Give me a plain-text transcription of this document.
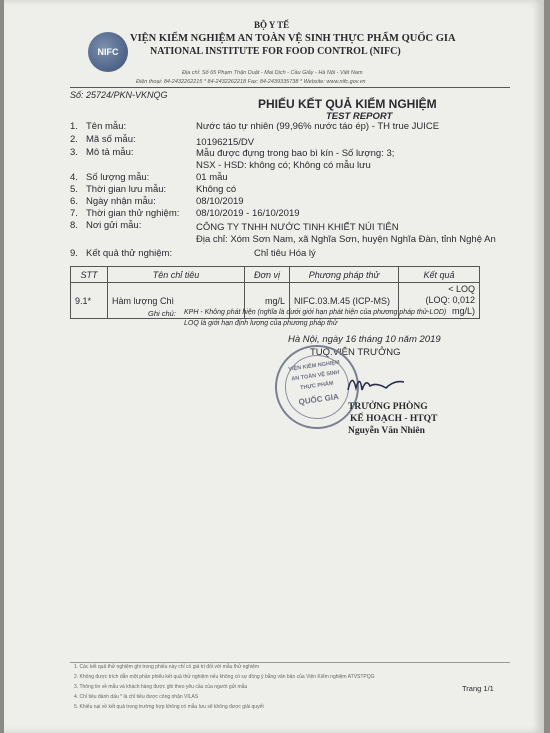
NIFC
BỘ Y TẾ
VIỆN KIỂM NGHIỆM AN TOÀN VỆ SINH THỰC PHẨM QUỐC GIA
NATIONAL INSTITUTE FOR FOOD CONTROL (NIFC)
Địa chỉ: Số 65 Phạm Thận Duật - Mai Dịch - Cầu Giấy - Hà Nội - Việt Nam
Điện thoại: 84-2432262215 * 84-2432262218 Fax: 84-2439335738 * Website: www.nifc.gov.vn
Số: 25724/PKN-VKNQG
PHIẾU KẾT QUẢ KIỂM NGHIỆM
TEST REPORT
1. Tên mẫu:	Nước táo tự nhiên (99,96% nước táo ép) - TH true JUICE
2. Mã số mẫu:	10196215/DV
3. Mô tả mẫu:	Mẫu được đựng trong bao bì kín - Số lượng: 3;
NSX - HSD: không có; Không có mẫu lưu
4. Số lượng mẫu:	01 mẫu
5. Thời gian lưu mẫu:	Không có
6. Ngày nhận mẫu:	08/10/2019
7. Thời gian thử nghiệm: 08/10/2019 - 16/10/2019
8. Nơi gửi mẫu:	CÔNG TY TNHH NƯỚC TINH KHIẾT NÚI TIÊN
Địa chỉ: Xóm Sơn Nam, xã Nghĩa Sơn, huyện Nghĩa Đàn, tỉnh Nghệ An
9. Kết quả thử nghiệm:	Chỉ tiêu Hóa lý
STT	Tên chỉ tiêu	Đơn vị	Phương pháp thử	Kết quả
9.1*	Hàm lượng Chì	mg/L	NIFC.03.M.45 (ICP-MS)	< LOQ
(LOQ: 0,012 mg/L)
Ghi chú: KPH - Không phát hiện (nghĩa là dưới giới hạn phát hiện của phương pháp thử-LOD)
LOQ là giới hạn định lượng của phương pháp thử
Hà Nội, ngày 16 tháng 10 năm 2019
TUQ.VIỆN TRƯỞNG
VIỆN KIỂM NGHIỆM
AN TOÀN VỆ SINH
THỰC PHẨM
QUỐC GIA
TRƯỞNG PHÒNG
KẾ HOẠCH - HTQT
Nguyễn Văn Nhiên
1. Các kết quả thử nghiệm ghi trong phiếu này chỉ có giá trị đối với mẫu thử nghiệm
2. Không được trích dẫn một phần phiếu kết quả thử nghiệm nếu không có sự đồng ý bằng văn bản của Viện Kiểm nghiệm ATVSTPQG
3. Thông tin về mẫu và khách hàng được ghi theo yêu cầu của người gửi mẫu
4. Chỉ tiêu đánh dấu * là chỉ tiêu được công nhận VILAS
5. Khiếu nại về kết quả trong trường hợp không có mẫu lưu sẽ không được giải quyết
Trang 1/1
